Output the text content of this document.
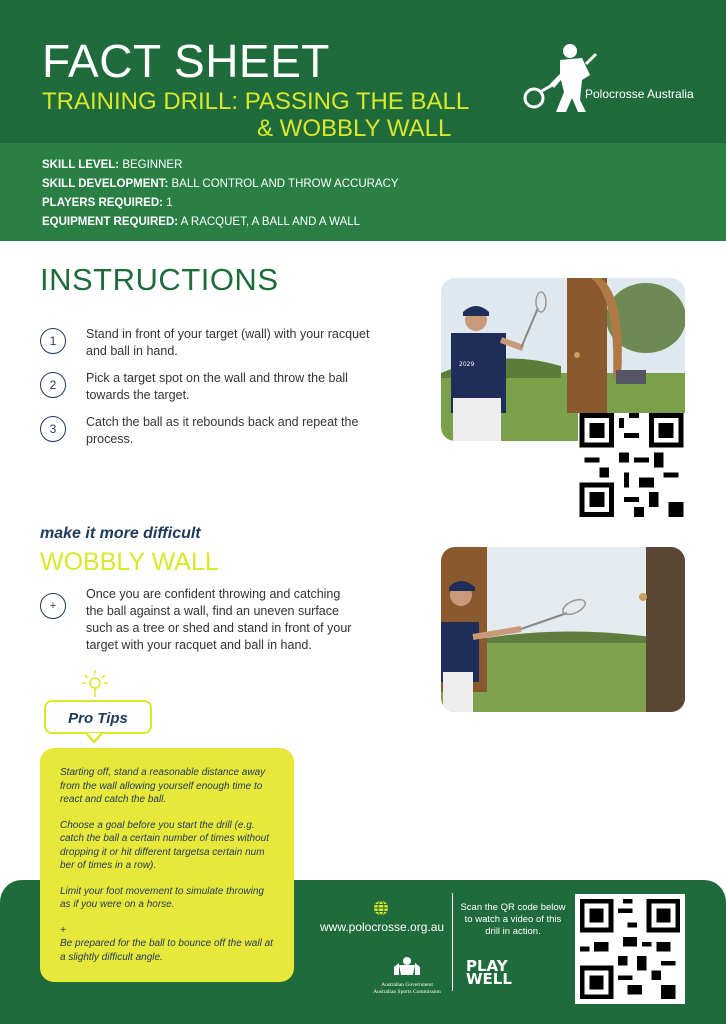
FACT SHEET
TRAINING DRILL: PASSING THE BALL
& WOBBLY WALL
Polocrosse Australia
SKILL LEVEL: BEGINNER
SKILL DEVELOPMENT: BALL CONTROL AND THROW ACCURACY
PLAYERS REQUIRED: 1
EQUIPMENT REQUIRED: A RACQUET, A BALL AND A WALL
INSTRUCTIONS
1	Stand in front of your target (wall) with your racquet and ball in hand.
2	Pick a target spot on the wall and throw the ball towards the target.
3	Catch the ball as it rebounds back and repeat the process.
2029
make it more difficult
WOBBLY WALL
+
Once you are confident throwing and catching the ball against a wall, find an uneven surface such as a tree or shed and stand in front of your target with your racquet and ball in hand.
Pro Tips

Starting off, stand a reasonable distance away from the wall allowing yourself enough time to react and catch the ball.

Choose a goal before you start the drill (e.g. catch the ball a certain number of times without dropping it or hit different targetsa certain num ber of times in a row).

Limit your foot movement to simulate throwing as if you were on a horse.

+
Be prepared for the ball to bounce off the wall at a slightly difficult angle.

www.polocrosse.org.au
Scan the QR code below to watch a video of this drill in action.
Australian Government
Australian Sports Commission
PLAY
WELL
